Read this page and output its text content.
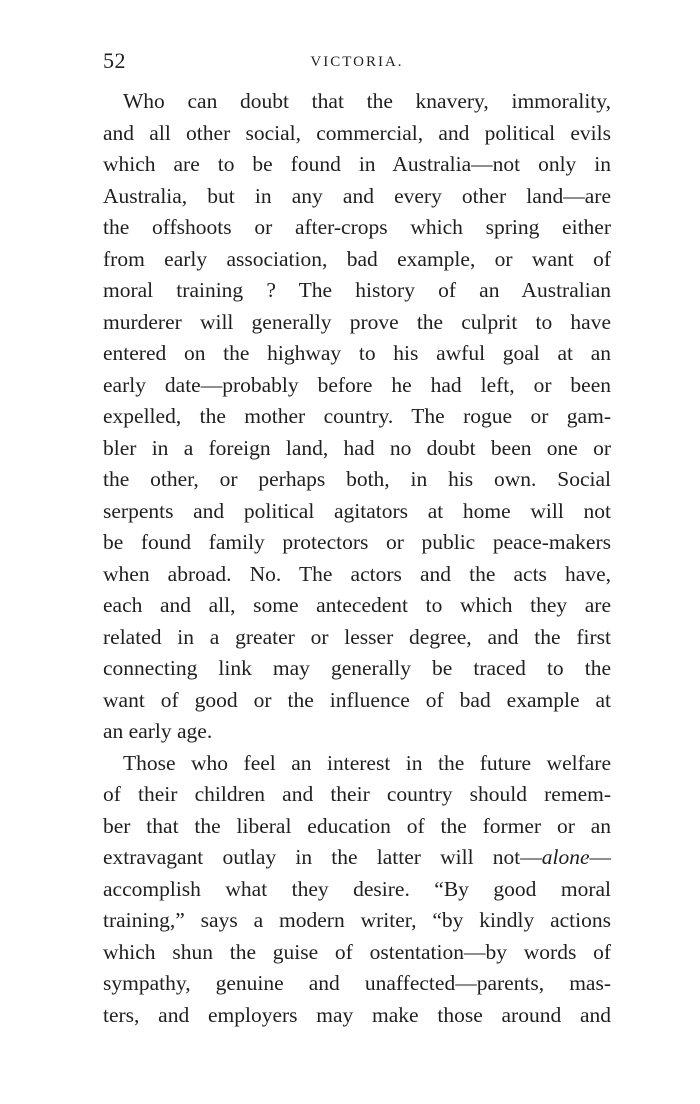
52	VICTORIA.
Who can doubt that the knavery, immorality,
and all other social, commercial, and political evils
which are to be found in Australia—not only in
Australia, but in any and every other land—are
the offshoots or after-crops which spring either
from early association, bad example, or want of
moral training ? The history of an Australian
murderer will generally prove the culprit to have
entered on the highway to his awful goal at an
early date—probably before he had left, or been
expelled, the mother country. The rogue or gam-
bler in a foreign land, had no doubt been one or
the other, or perhaps both, in his own. Social
serpents and political agitators at home will not
be found family protectors or public peace-makers
when abroad. No. The actors and the acts have,
each and all, some antecedent to which they are
related in a greater or lesser degree, and the first
connecting link may generally be traced to the
want of good or the influence of bad example at
an early age.
Those who feel an interest in the future welfare
of their children and their country should remem-
ber that the liberal education of the former or an
extravagant outlay in the latter will not—alone—
accomplish what they desire. “By good moral
training,” says a modern writer, “by kindly actions
which shun the guise of ostentation—by words of
sympathy, genuine and unaffected—parents, mas-
ters, and employers may make those around and
